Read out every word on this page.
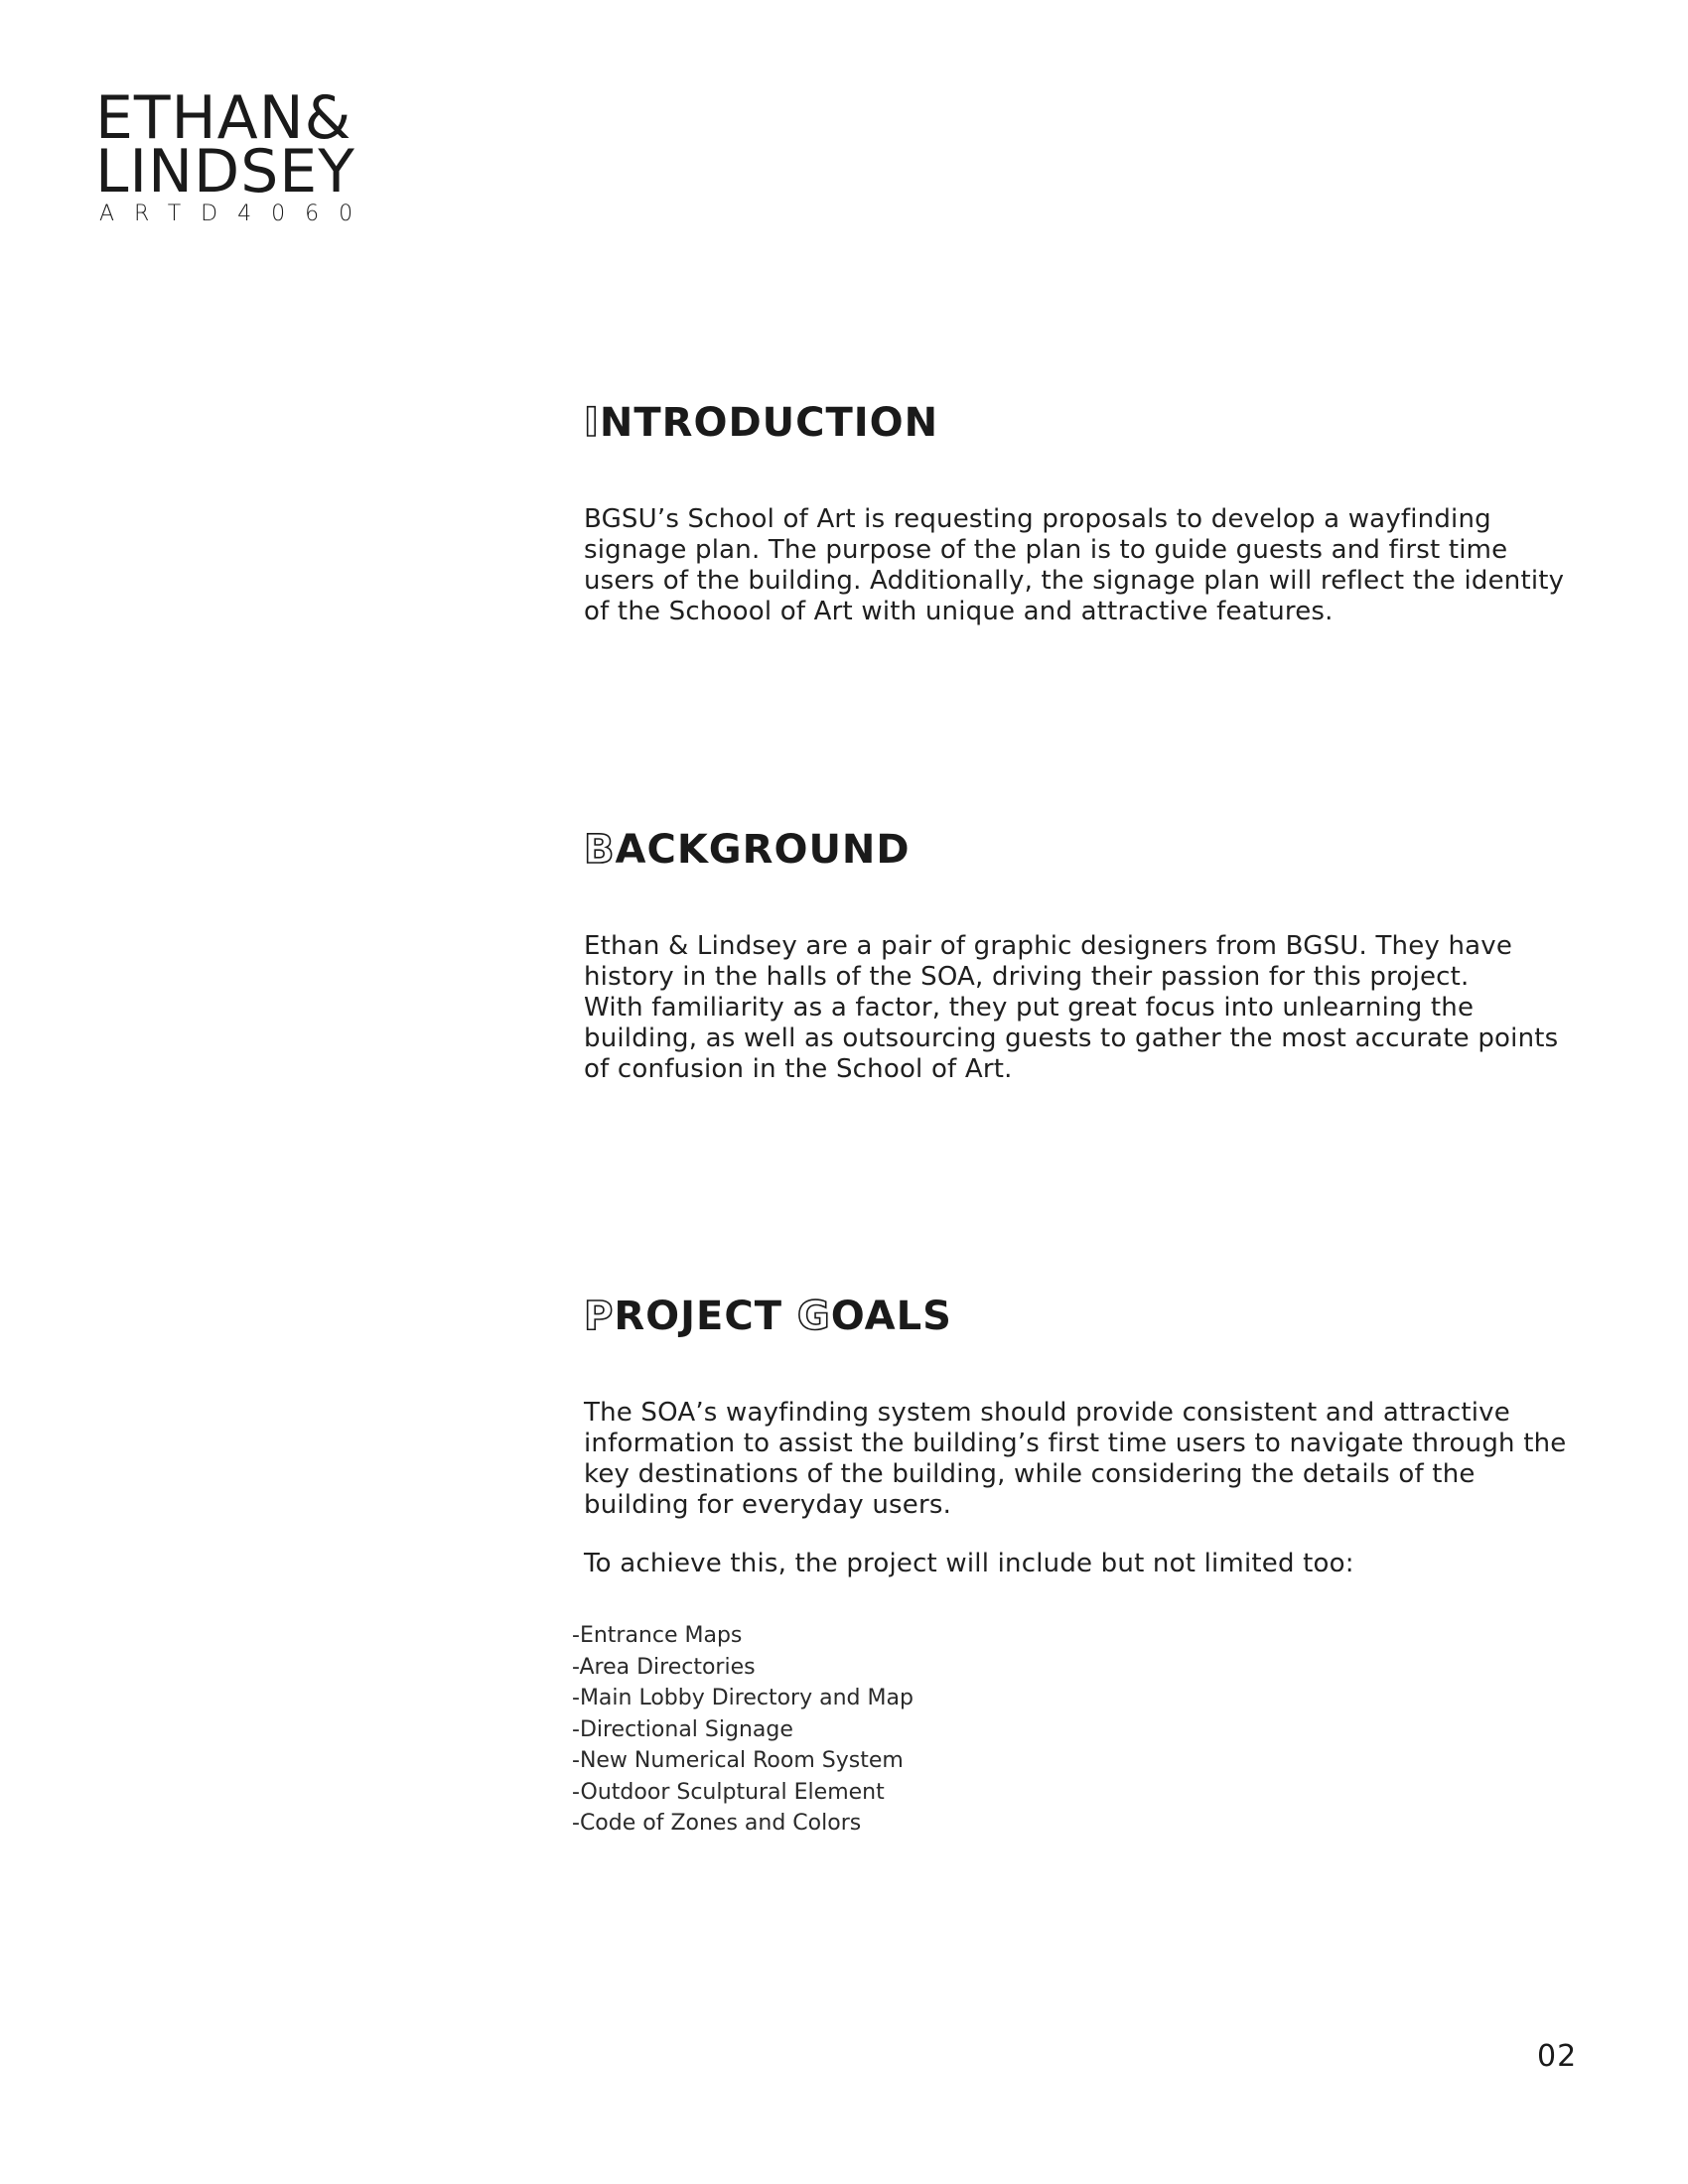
ETHAN&
LINDSEY
ARTD4060
INTRODUCTION

BGSU’s School of Art is requesting proposals to develop a wayfinding
signage plan. The purpose of the plan is to guide guests and first time
users of the building. Additionally, the signage plan will reflect the identity
of the Schoool of Art with unique and attractive features.

BACKGROUND

Ethan & Lindsey are a pair of graphic designers from BGSU. They have
history in the halls of the SOA, driving their passion for this project.
With familiarity as a factor, they put great focus into unlearning the
building, as well as outsourcing guests to gather the most accurate points
of confusion in the School of Art.

PROJECT GOALS

The SOA’s wayfinding system should provide consistent and attractive
information to assist the building’s first time users to navigate through the
key destinations of the building, while considering the details of the
building for everyday users.

To achieve this, the project will include but not limited too:

-Entrance Maps
-Area Directories
-Main Lobby Directory and Map
-Directional Signage
-New Numerical Room System
-Outdoor Sculptural Element
-Code of Zones and Colors
02
